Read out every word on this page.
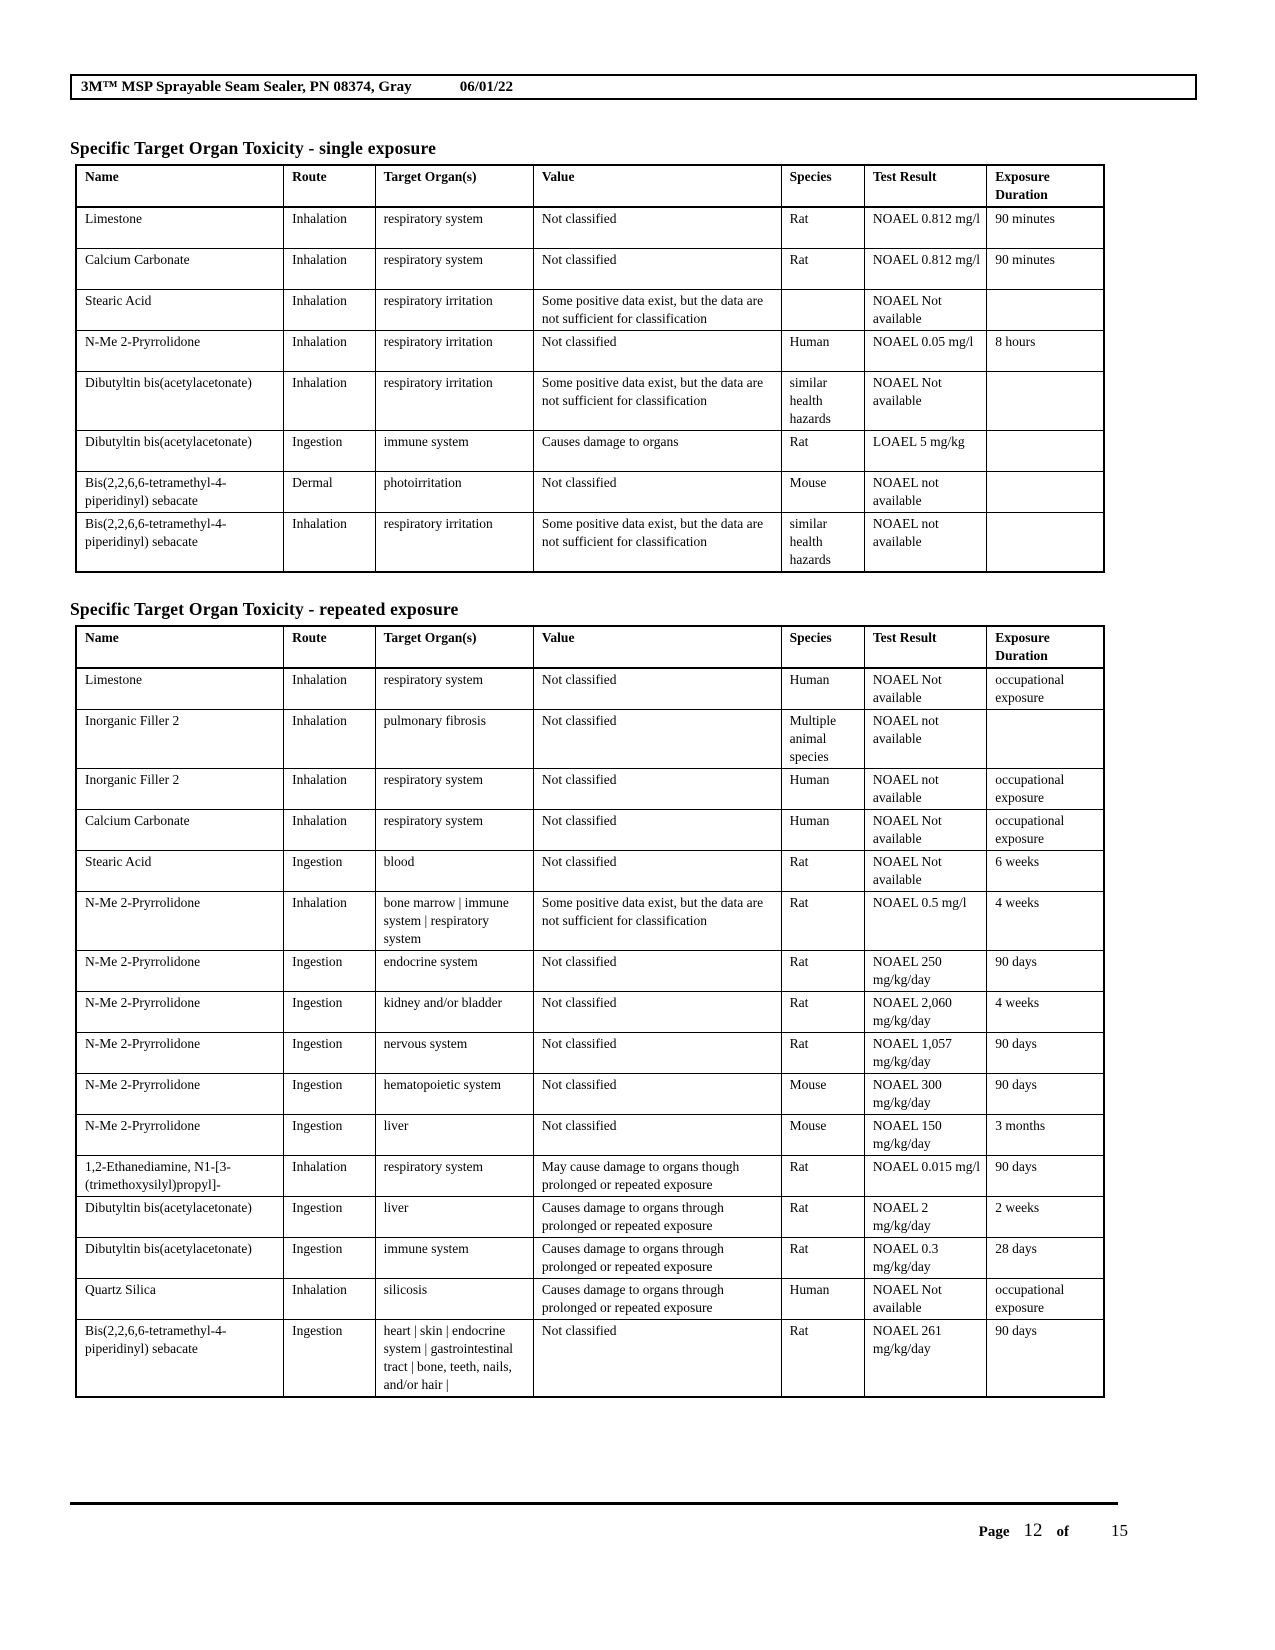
3M™ MSP Sprayable Seam Sealer, PN 08374, Gray	06/01/22
Specific Target Organ Toxicity - single exposure
Name	Route	Target Organ(s)	Value	Species	Test Result	Exposure Duration
Limestone	Inhalation	respiratory system	Not classified	Rat	NOAEL 0.812 mg/l	90 minutes
Calcium Carbonate	Inhalation	respiratory system	Not classified	Rat	NOAEL 0.812 mg/l	90 minutes
Stearic Acid	Inhalation	respiratory irritation	Some positive data exist, but the data are not sufficient for classification		NOAEL Not available	
N-Me 2-Pryrrolidone	Inhalation	respiratory irritation	Not classified	Human	NOAEL 0.05 mg/l	8 hours
Dibutyltin bis(acetylacetonate)	Inhalation	respiratory irritation	Some positive data exist, but the data are not sufficient for classification	similar health hazards	NOAEL Not available	
Dibutyltin bis(acetylacetonate)	Ingestion	immune system	Causes damage to organs	Rat	LOAEL 5 mg/kg	
Bis(2,2,6,6-tetramethyl-4-piperidinyl) sebacate	Dermal	photoirritation	Not classified	Mouse	NOAEL not available	
Bis(2,2,6,6-tetramethyl-4-piperidinyl) sebacate	Inhalation	respiratory irritation	Some positive data exist, but the data are not sufficient for classification	similar health hazards	NOAEL not available	
Specific Target Organ Toxicity - repeated exposure
Name	Route	Target Organ(s)	Value	Species	Test Result	Exposure Duration
Limestone	Inhalation	respiratory system	Not classified	Human	NOAEL Not available	occupational exposure
Inorganic Filler 2	Inhalation	pulmonary fibrosis	Not classified	Multiple animal species	NOAEL not available	
Inorganic Filler 2	Inhalation	respiratory system	Not classified	Human	NOAEL not available	occupational exposure
Calcium Carbonate	Inhalation	respiratory system	Not classified	Human	NOAEL Not available	occupational exposure
Stearic Acid	Ingestion	blood	Not classified	Rat	NOAEL Not available	6 weeks
N-Me 2-Pryrrolidone	Inhalation	bone marrow | immune system | respiratory system	Some positive data exist, but the data are not sufficient for classification	Rat	NOAEL 0.5 mg/l	4 weeks
N-Me 2-Pryrrolidone	Ingestion	endocrine system	Not classified	Rat	NOAEL 250 mg/kg/day	90 days
N-Me 2-Pryrrolidone	Ingestion	kidney and/or bladder	Not classified	Rat	NOAEL 2,060 mg/kg/day	4 weeks
N-Me 2-Pryrrolidone	Ingestion	nervous system	Not classified	Rat	NOAEL 1,057 mg/kg/day	90 days
N-Me 2-Pryrrolidone	Ingestion	hematopoietic system	Not classified	Mouse	NOAEL 300 mg/kg/day	90 days
N-Me 2-Pryrrolidone	Ingestion	liver	Not classified	Mouse	NOAEL 150 mg/kg/day	3 months
1,2-Ethanediamine, N1-[3-(trimethoxysilyl)propyl]-	Inhalation	respiratory system	May cause damage to organs though prolonged or repeated exposure	Rat	NOAEL 0.015 mg/l	90 days
Dibutyltin bis(acetylacetonate)	Ingestion	liver	Causes damage to organs through prolonged or repeated exposure	Rat	NOAEL 2 mg/kg/day	2 weeks
Dibutyltin bis(acetylacetonate)	Ingestion	immune system	Causes damage to organs through prolonged or repeated exposure	Rat	NOAEL 0.3 mg/kg/day	28 days
Quartz Silica	Inhalation	silicosis	Causes damage to organs through prolonged or repeated exposure	Human	NOAEL Not available	occupational exposure
Bis(2,2,6,6-tetramethyl-4-piperidinyl) sebacate	Ingestion	heart | skin | endocrine system | gastrointestinal tract | bone, teeth, nails, and/or hair |	Not classified	Rat	NOAEL 261 mg/kg/day	90 days
Page 12 of 15
